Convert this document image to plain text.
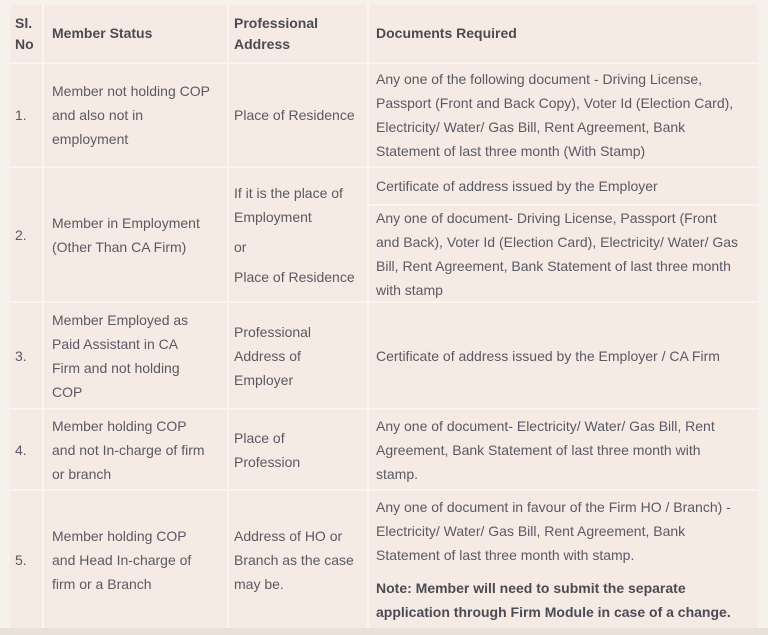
Sl. No
Member Status
Professional Address
Documents Required
1.
Member not holding COP
and also not in
employment
Place of Residence
Any one of the following document - Driving License,
Passport (Front and Back Copy), Voter Id (Election Card),
Electricity/ Water/ Gas Bill, Rent Agreement, Bank
Statement of last three month (With Stamp)
2.
Member in Employment
(Other Than CA Firm)
If it is the place of
Employment
or
Place of Residence
Certificate of address issued by the Employer
Any one of document- Driving License, Passport (Front
and Back), Voter Id (Election Card), Electricity/ Water/ Gas
Bill, Rent Agreement, Bank Statement of last three month
with stamp
3.
Member Employed as
Paid Assistant in CA
Firm and not holding
COP
Professional
Address of
Employer
Certificate of address issued by the Employer / CA Firm
4.
Member holding COP
and not In-charge of firm
or branch
Place of
Profession
Any one of document- Electricity/ Water/ Gas Bill, Rent
Agreement, Bank Statement of last three month with
stamp.
5.
Member holding COP
and Head In-charge of
firm or a Branch
Address of HO or
Branch as the case
may be.
Any one of document in favour of the Firm HO / Branch) -
Electricity/ Water/ Gas Bill, Rent Agreement, Bank
Statement of last three month with stamp.
Note: Member will need to submit the separate
application through Firm Module in case of a change.
